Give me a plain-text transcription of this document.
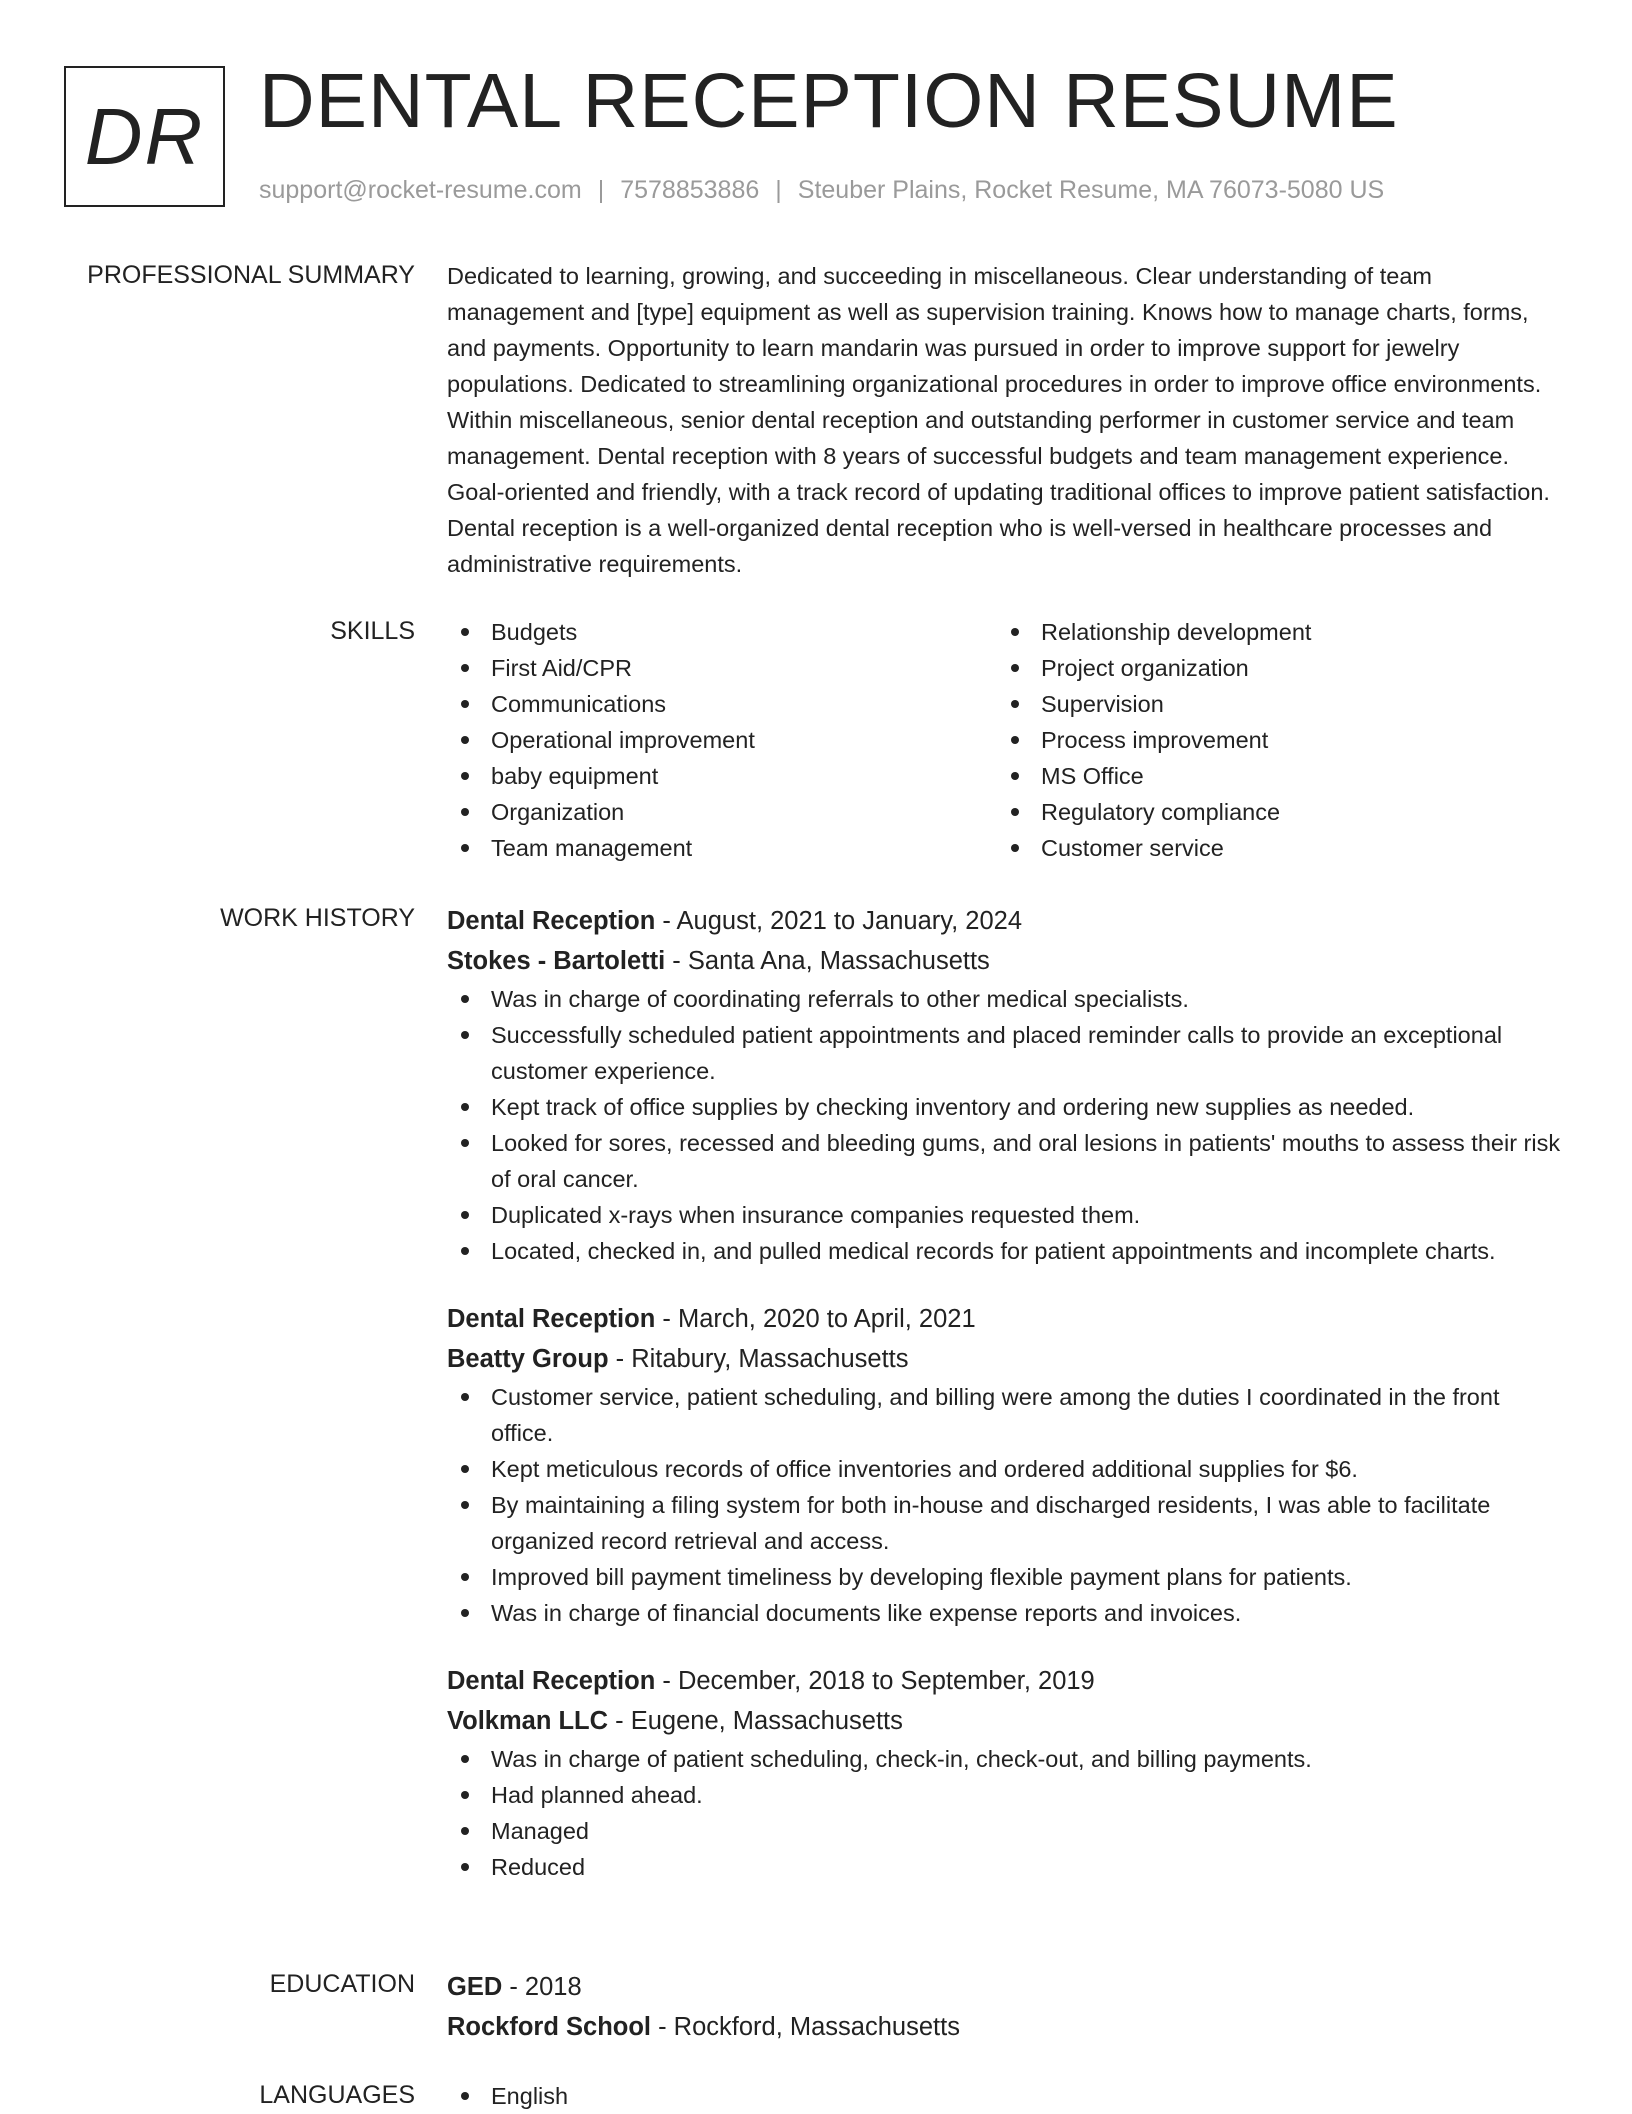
DR DENTAL RECEPTION RESUME
support@rocket-resume.com | 7578853886 | Steuber Plains, Rocket Resume, MA 76073-5080 US
PROFESSIONAL SUMMARY Dedicated to learning, growing, and succeeding in miscellaneous. Clear understanding of team management and [type] equipment as well as supervision training. Knows how to manage charts, forms, and payments. Opportunity to learn mandarin was pursued in order to improve support for jewelry populations. Dedicated to streamlining organizational procedures in order to improve office environments. Within miscellaneous, senior dental reception and outstanding performer in customer service and team management. Dental reception with 8 years of successful budgets and team management experience. Goal-oriented and friendly, with a track record of updating traditional offices to improve patient satisfaction. Dental reception is a well-organized dental reception who is well-versed in healthcare processes and administrative requirements.

SKILLS	Budgets
First Aid/CPR
Communications
Operational improvement
baby equipment
Organization
Team management
Relationship development
Project organization
Supervision
Process improvement
MS Office
Regulatory compliance
Customer service
WORK HISTORY Dental Reception - August, 2021 to January, 2024
Stokes - Bartoletti - Santa Ana, Massachusetts
Was in charge of coordinating referrals to other medical specialists.
Successfully scheduled patient appointments and placed reminder calls to provide an exceptional customer experience.
Kept track of office supplies by checking inventory and ordering new supplies as needed.
Looked for sores, recessed and bleeding gums, and oral lesions in patients' mouths to assess their risk of oral cancer.
Duplicated x-rays when insurance companies requested them.
Located, checked in, and pulled medical records for patient appointments and incomplete charts.
Dental Reception - March, 2020 to April, 2021
Beatty Group - Ritabury, Massachusetts
Customer service, patient scheduling, and billing were among the duties I coordinated in the front office.
Kept meticulous records of office inventories and ordered additional supplies for $6.
By maintaining a filing system for both in-house and discharged residents, I was able to facilitate organized record retrieval and access.
Improved bill payment timeliness by developing flexible payment plans for patients.
Was in charge of financial documents like expense reports and invoices.
Dental Reception - December, 2018 to September, 2019
Volkman LLC - Eugene, Massachusetts
Was in charge of patient scheduling, check-in, check-out, and billing payments.
Had planned ahead.
Managed
Reduced
EDUCATION GED - 2018
Rockford School - Rockford, Massachusetts
LANGUAGES	English
